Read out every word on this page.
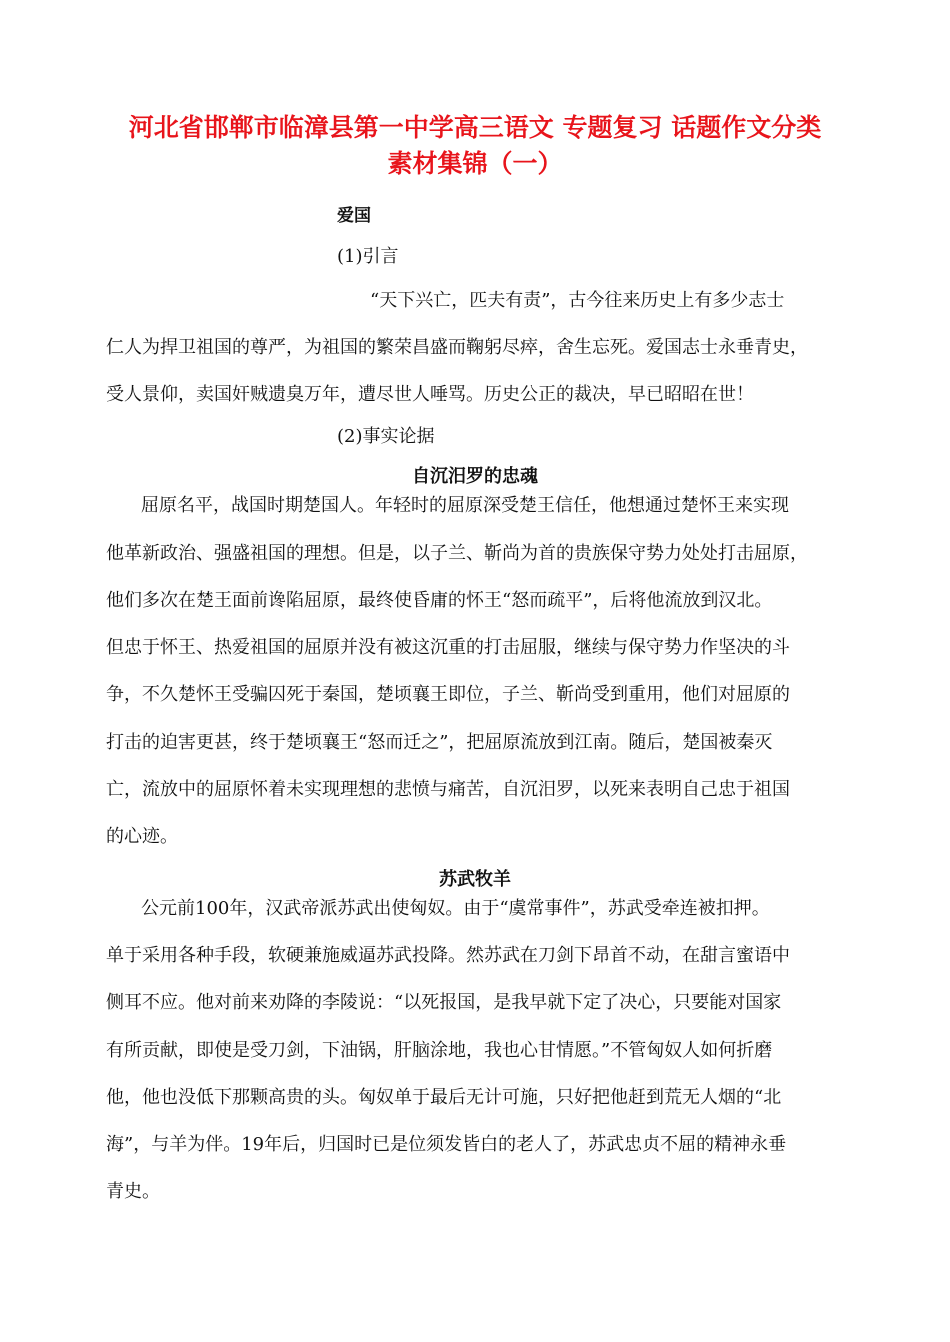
河北省邯郸市临漳县第一中学高三语文 专题复习 话题作文分类
素材集锦（一）
爱国
(1)引言
“天下兴亡，匹夫有责”，古今往来历史上有多少志士
仁人为捍卫祖国的尊严，为祖国的繁荣昌盛而鞠躬尽瘁，舍生忘死。爱国志士永垂青史，
受人景仰，卖国奸贼遗臭万年，遭尽世人唾骂。历史公正的裁决，早已昭昭在世！
(2)事实论据
自沉汨罗的忠魂
屈原名平，战国时期楚国人。年轻时的屈原深受楚王信任，他想通过楚怀王来实现
他革新政治、强盛祖国的理想。但是，以子兰、靳尚为首的贵族保守势力处处打击屈原，
他们多次在楚王面前谗陷屈原，最终使昏庸的怀王“怒而疏平”，后将他流放到汉北。
但忠于怀王、热爱祖国的屈原并没有被这沉重的打击屈服，继续与保守势力作坚决的斗
争，不久楚怀王受骗囚死于秦国，楚顷襄王即位，子兰、靳尚受到重用，他们对屈原的
打击的迫害更甚，终于楚顷襄王“怒而迁之”，把屈原流放到江南。随后，楚国被秦灭
亡，流放中的屈原怀着未实现理想的悲愤与痛苦，自沉汨罗，以死来表明自己忠于祖国
的心迹。
苏武牧羊
公元前100年，汉武帝派苏武出使匈奴。由于“虞常事件”，苏武受牵连被扣押。
单于采用各种手段，软硬兼施威逼苏武投降。然苏武在刀剑下昂首不动，在甜言蜜语中
侧耳不应。他对前来劝降的李陵说：“以死报国，是我早就下定了决心，只要能对国家
有所贡献，即使是受刀剑，下油锅，肝脑涂地，我也心甘情愿。”不管匈奴人如何折磨
他，他也没低下那颗高贵的头。匈奴单于最后无计可施，只好把他赶到荒无人烟的“北
海”，与羊为伴。19年后，归国时已是位须发皆白的老人了，苏武忠贞不屈的精神永垂
青史。
